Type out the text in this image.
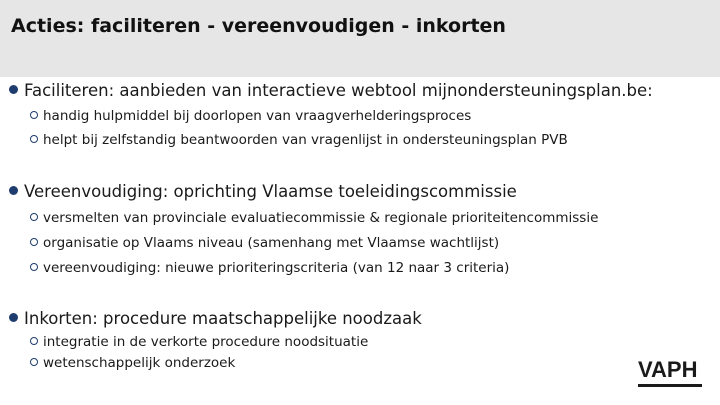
Acties: faciliteren - vereenvoudigen - inkorten
Faciliteren: aanbieden van interactieve webtool mijnondersteuningsplan.be:
handig hulpmiddel bij doorlopen van vraagverhelderingsproces
helpt bij zelfstandig beantwoorden van vragenlijst in ondersteuningsplan PVB
Vereenvoudiging: oprichting Vlaamse toeleidingscommissie
versmelten van provinciale evaluatiecommissie & regionale prioriteitencommissie
organisatie op Vlaams niveau (samenhang met Vlaamse wachtlijst)
vereenvoudiging: nieuwe prioriteringscriteria (van 12 naar 3 criteria)
Inkorten: procedure maatschappelijke noodzaak
integratie in de verkorte procedure noodsituatie
wetenschappelijk onderzoek	VAPH
